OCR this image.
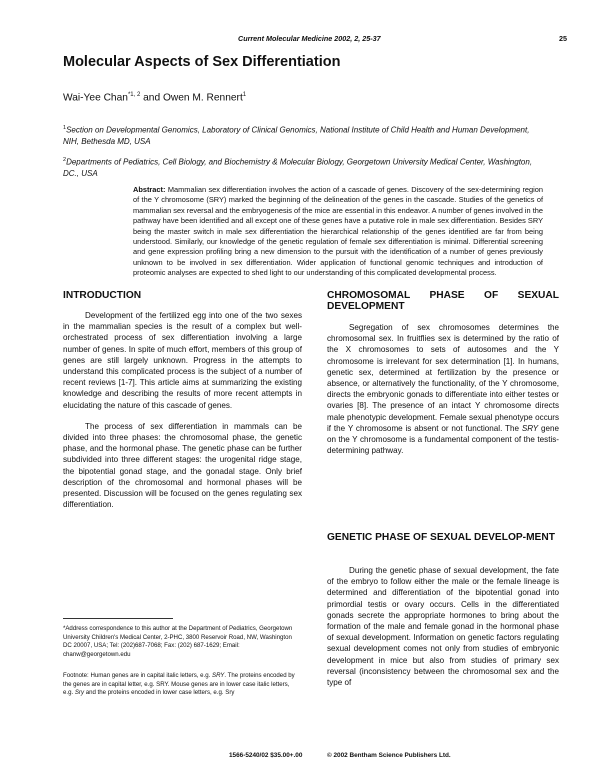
Current Molecular Medicine 2002, 2, 25-37	25
Molecular Aspects of Sex Differentiation
Wai-Yee Chan$^{*1, 2}$ and Owen M. Rennert$^1$
$^1$Section on Developmental Genomics, Laboratory of Clinical Genomics, National Institute of Child Health and Human Development, NIH, Bethesda MD, USA
$^2$Departments of Pediatrics, Cell Biology, and Biochemistry & Molecular Biology, Georgetown University Medical Center, Washington, DC., USA
Abstract: Mammalian sex differentiation involves the action of a cascade of genes. Discovery of the sex-determining region of the Y chromosome (SRY) marked the beginning of the delineation of the genes in the cascade. Studies of the genetics of mammalian sex reversal and the embryogenesis of the mice are essential in this endeavor. A number of genes involved in the pathway have been identified and all except one of these genes have a putative role in male sex differentiation. Besides SRY being the master switch in male sex differentiation the hierarchical relationship of the genes identified are far from being understood. Similarly, our knowledge of the genetic regulation of female sex differentiation is minimal. Differential screening and gene expression profiling bring a new dimension to the pursuit with the identification of a number of genes previously unknown to be involved in sex differentiation. Wider application of functional genomic techniques and introduction of proteomic analyses are expected to shed light to our understanding of this complicated developmental process.
INTRODUCTION

Development of the fertilized egg into one of the two sexes in the mammalian species is the result of a complex but well-orchestrated process of sex differentiation involving a large number of genes. In spite of much effort, members of this group of genes are still largely unknown. Progress in the attempts to understand this complicated process is the subject of a number of recent reviews [1-7]. This article aims at summarizing the existing knowledge and describing the results of more recent attempts in elucidating the nature of this cascade of genes.

The process of sex differentiation in mammals can be divided into three phases: the chromosomal phase, the genetic phase, and the hormonal phase. The genetic phase can be further subdivided into three different stages: the urogenital ridge stage, the bipotential gonad stage, and the gonadal stage. Only brief description of the chromosomal and hormonal phases will be presented. Discussion will be focused on the genes regulating sex differentiation.

CHROMOSOMAL PHASE OF SEXUAL DEVELOPMENT

Segregation of sex chromosomes determines the chromosomal sex. In fruitflies sex is determined by the ratio of the X chromosomes to sets of autosomes and the Y chromosome is irrelevant for sex determination [1]. In humans, genetic sex, determined at fertilization by the presence or absence, or alternatively the functionality, of the Y chromosome, directs the embryonic gonads to differentiate into either testes or ovaries [8]. The presence of an intact Y chromosome directs male phenotypic development. Female sexual phenotype occurs if the Y chromosome is absent or not functional. The SRY gene on the Y chromosome is a fundamental component of the testis-determining pathway.

GENETIC PHASE OF SEXUAL DEVELOP-MENT

During the genetic phase of sexual development, the fate of the embryo to follow either the male or the female lineage is determined and differentiation of the bipotential gonad into primordial testis or ovary occurs. Cells in the differentiated gonads secrete the appropriate hormones to bring about the formation of the male and female gonad in the hormonal phase of sexual development. Information on genetic factors regulating sexual development comes not only from studies of embryonic development in mice but also from studies of primary sex reversal (inconsistency between the chromosomal sex and the type of

*Address correspondence to this author at the Department of Pediatrics, Georgetown University Children's Medical Center, 2-PHC, 3800 Reservoir Road, NW, Washington DC 20007, USA; Tel: (202)687-7068; Fax: (202) 687-1629; Email: chanw@georgetown.edu
Footnote: Human genes are in capital italic letters, e.g. SRY. The proteins encoded by the genes are in capital letter, e.g. SRY. Mouse genes are in lower case italic letters, e.g. Sry and the proteins encoded in lower case letters, e.g. Sry
1566-5240/02 $35.00+.00	© 2002 Bentham Science Publishers Ltd.
